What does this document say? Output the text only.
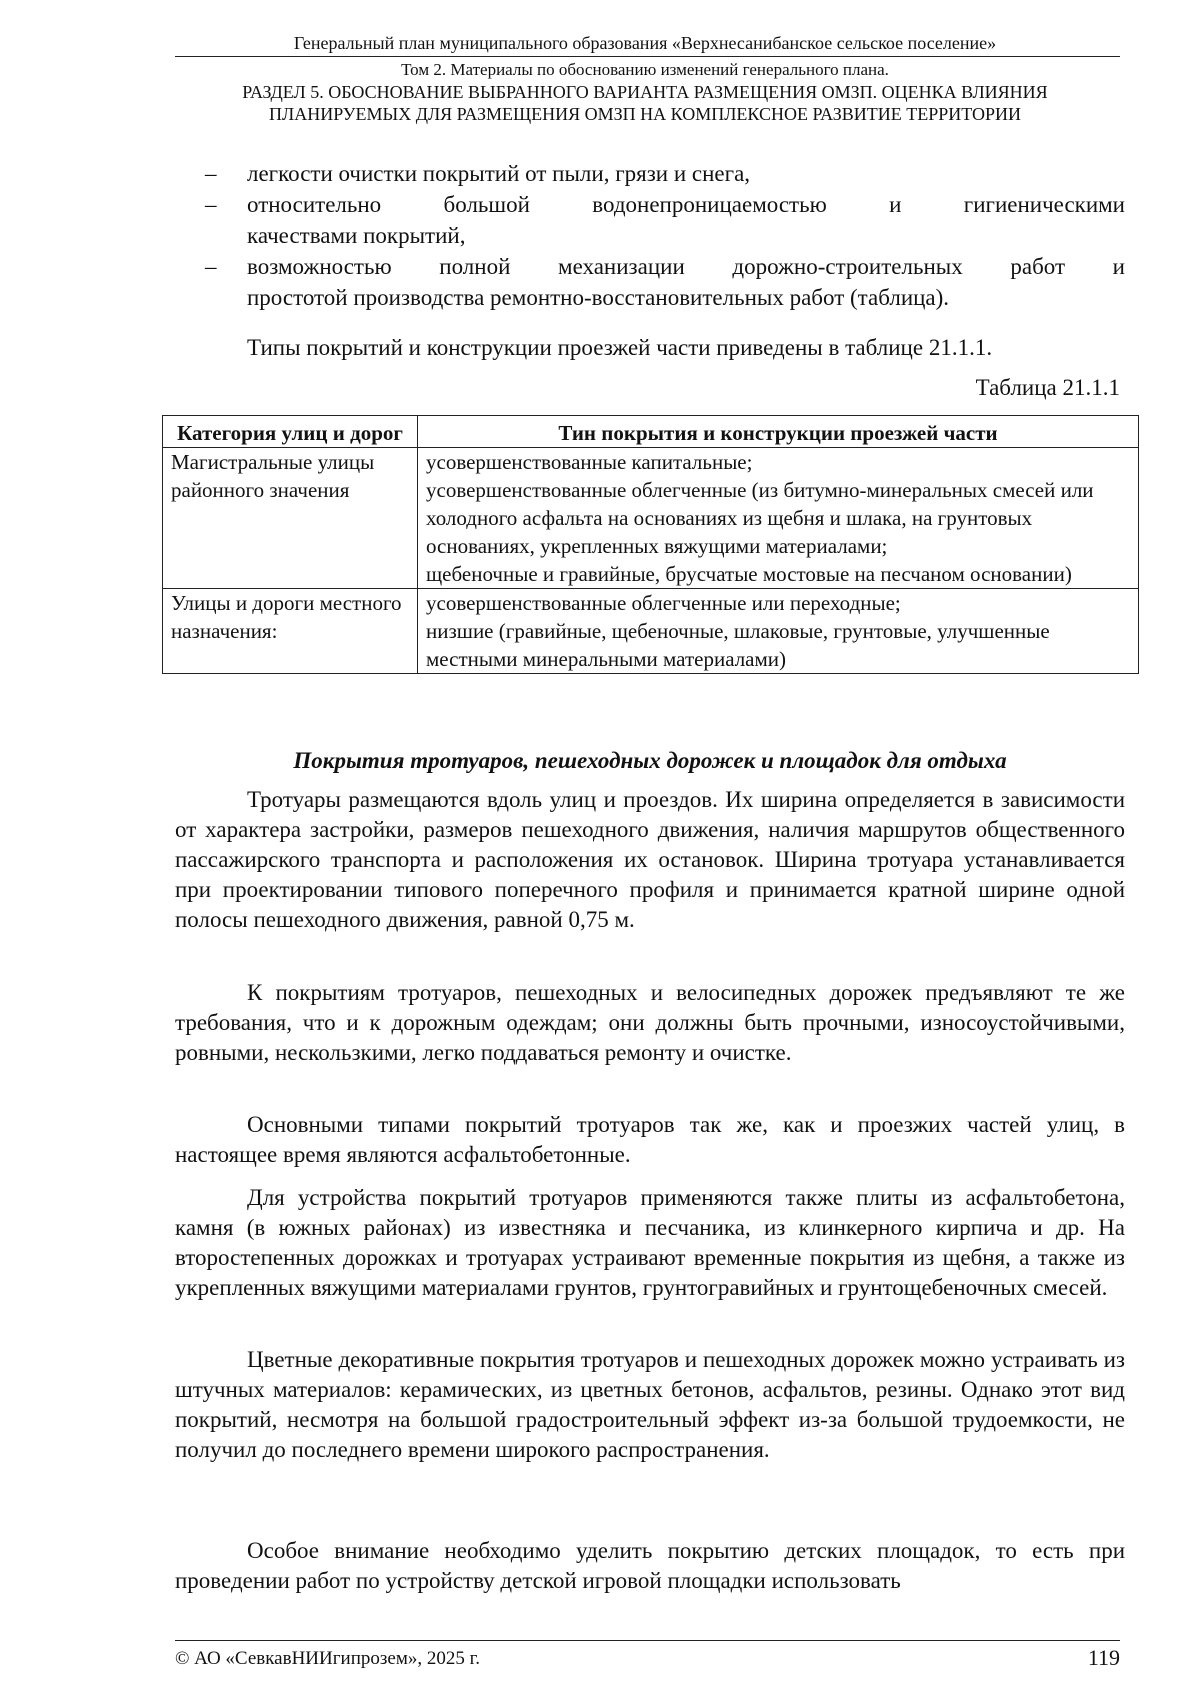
Генеральный план муниципального образования «Верхнесанибанское сельское поселение»
Том 2. Материалы по обоснованию изменений генерального плана.
РАЗДЕЛ 5. ОБОСНОВАНИЕ ВЫБРАННОГО ВАРИАНТА РАЗМЕЩЕНИЯ ОМЗП. ОЦЕНКА ВЛИЯНИЯ ПЛАНИРУЕМЫХ ДЛЯ РАЗМЕЩЕНИЯ ОМЗП НА КОМПЛЕКСНОЕ РАЗВИТИЕ ТЕРРИТОРИИ
– легкости очистки покрытий от пыли, грязи и снега,
– относительно большой водонепроницаемостью и гигиеническими
качествами покрытий,
– возможностью полной механизации дорожно-строительных работ и
простотой производства ремонтно-восстановительных работ (таблица).
Типы покрытий и конструкции проезжей части приведены в таблице 21.1.1.
Таблица 21.1.1
Категория улиц и дорог	Тин покрытия и конструкции проезжей части
Магистральные улицы районного значения	усовершенствованные капитальные;
усовершенствованные облегченные (из битумно-минеральных смесей или холодного асфальта на основаниях из щебня и шлака, на грунтовых основаниях, укрепленных вяжущими материалами;
щебеночные и гравийные, брусчатые мостовые на песчаном основании)

Улицы и дороги местного назначения:	усовершенствованные облегченные или переходные;
низшие (гравийные, щебеночные, шлаковые, грунтовые, улучшенные местными минеральными материалами)
Покрытия тротуаров, пешеходных дорожек и площадок для отдыха
Тротуары размещаются вдоль улиц и проездов. Их ширина определяется в зависимости от характера застройки, размеров пешеходного движения, наличия маршрутов общественного пассажирского транспорта и расположения их остановок. Ширина тротуара устанавливается при проектировании типового поперечного профиля и принимается кратной ширине одной полосы пешеходного движения, равной 0,75 м.
К покрытиям тротуаров, пешеходных и велосипедных дорожек предъявляют те же требования, что и к дорожным одеждам; они должны быть прочными, износоустойчивыми, ровными, нескользкими, легко поддаваться ремонту и очистке.
Основными типами покрытий тротуаров так же, как и проезжих частей улиц, в настоящее время являются асфальтобетонные.
Для устройства покрытий тротуаров применяются также плиты из асфальтобетона, камня (в южных районах) из известняка и песчаника, из клинкерного кирпича и др. На второстепенных дорожках и тротуарах устраивают временные покрытия из щебня, а также из укрепленных вяжущими материалами грунтов, грунтогравийных и грунтощебеночных смесей.
Цветные декоративные покрытия тротуаров и пешеходных дорожек можно устраивать из штучных материалов: керамических, из цветных бетонов, асфальтов, резины. Однако этот вид покрытий, несмотря на большой градостроительный эффект из-за большой трудоемкости, не получил до последнего времени широкого распространения.
Особое внимание необходимо уделить покрытию детских площадок, то есть при проведении работ по устройству детской игровой площадки использовать
© АО «СевкавНИИгипрозем», 2025 г.	119
